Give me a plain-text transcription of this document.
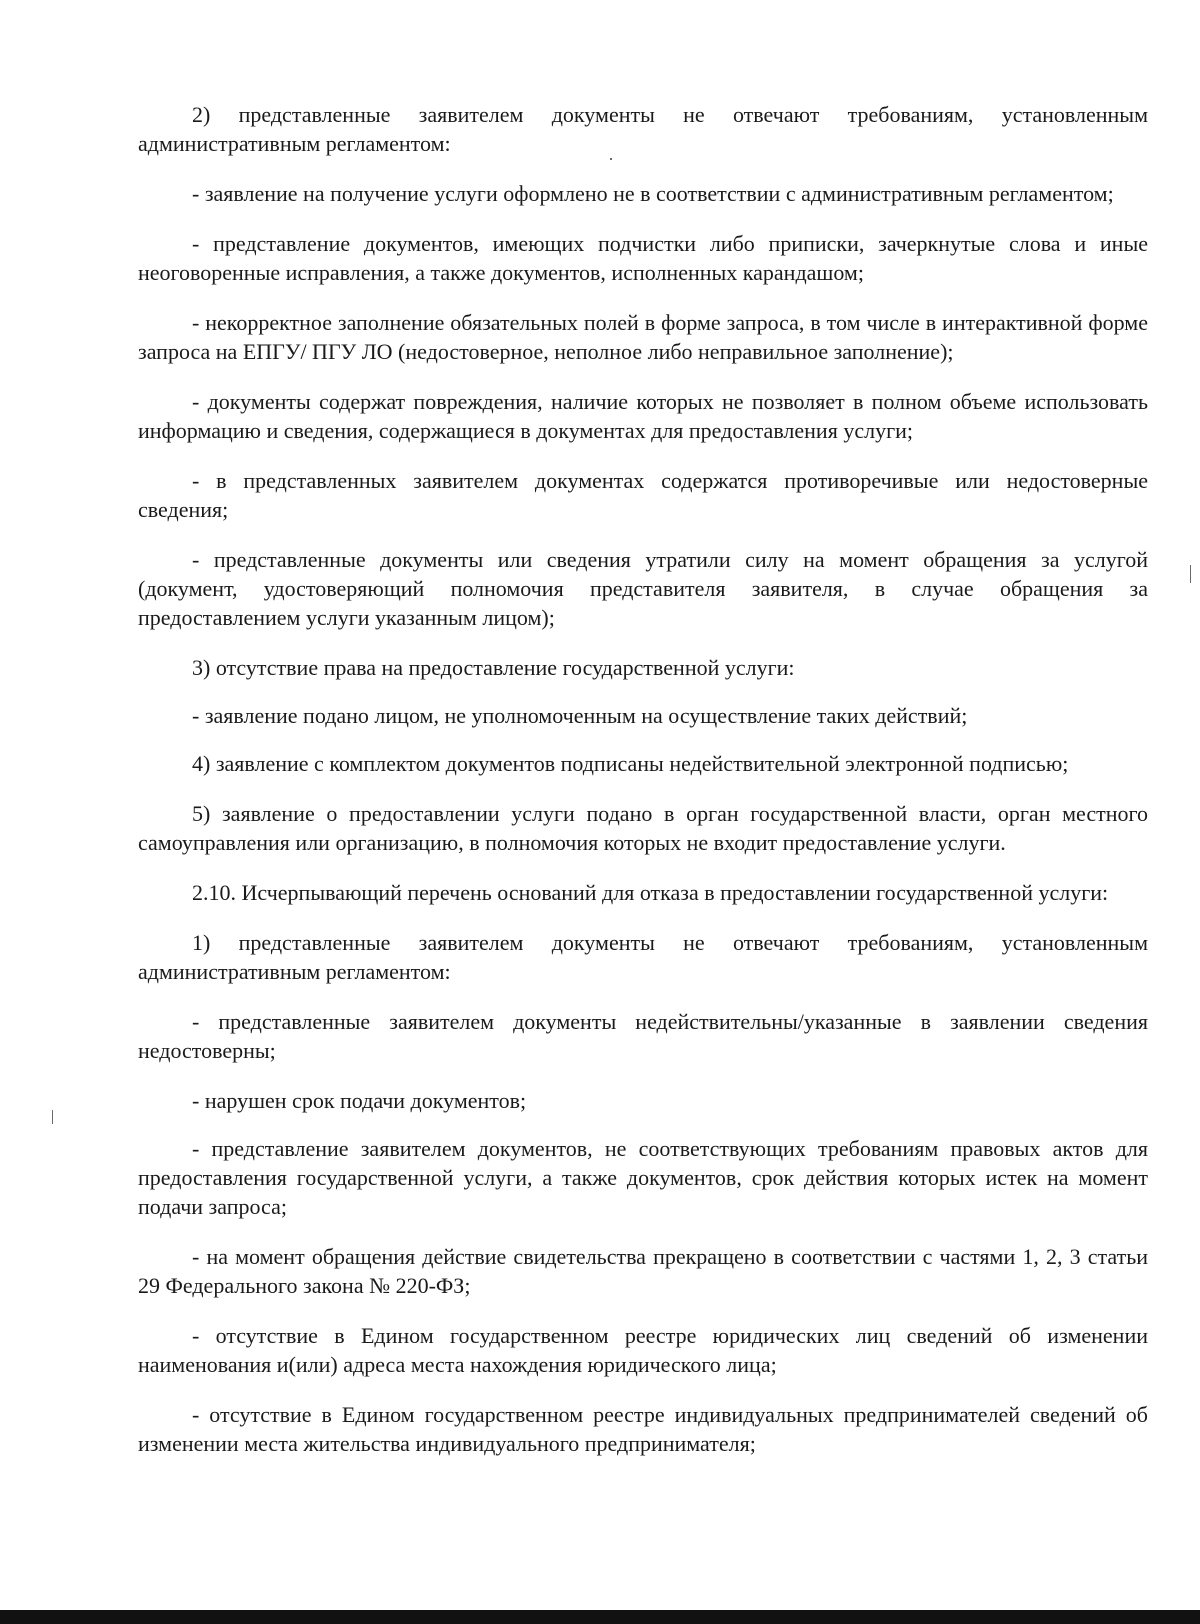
2) представленные заявителем документы не отвечают требованиям, установленным административным регламентом:

- заявление на получение услуги оформлено не в соответствии с административным регламентом;

- представление документов, имеющих подчистки либо приписки, зачеркнутые слова и иные неоговоренные исправления, а также документов, исполненных карандашом;

- некорректное заполнение обязательных полей в форме запроса, в том числе в интерактивной форме запроса на ЕПГУ/ ПГУ ЛО (недостоверное, неполное либо неправильное заполнение);

- документы содержат повреждения, наличие которых не позволяет в полном объеме использовать информацию и сведения, содержащиеся в документах для предоставления услуги;

- в представленных заявителем документах содержатся противоречивые или недостоверные сведения;

- представленные документы или сведения утратили силу на момент обращения за услугой (документ, удостоверяющий полномочия представителя заявителя, в случае обращения за предоставлением услуги указанным лицом);

3) отсутствие права на предоставление государственной услуги:

- заявление подано лицом, не уполномоченным на осуществление таких действий;

4) заявление с комплектом документов подписаны недействительной электронной подписью;

5) заявление о предоставлении услуги подано в орган государственной власти, орган местного самоуправления или организацию, в полномочия которых не входит предоставление услуги.

2.10. Исчерпывающий перечень оснований для отказа в предоставлении государственной услуги:

1) представленные заявителем документы не отвечают требованиям, установленным административным регламентом:

- представленные заявителем документы недействительны/указанные в заявлении сведения недостоверны;

- нарушен срок подачи документов;

- представление заявителем документов, не соответствующих требованиям правовых актов для предоставления государственной услуги, а также документов, срок действия которых истек на момент подачи запроса;

- на момент обращения действие свидетельства прекращено в соответствии с частями 1, 2, 3 статьи 29 Федерального закона № 220-ФЗ;

- отсутствие в Едином государственном реестре юридических лиц сведений об изменении наименования и(или) адреса места нахождения юридического лица;

- отсутствие в Едином государственном реестре индивидуальных предпринимателей сведений об изменении места жительства индивидуального предпринимателя;
